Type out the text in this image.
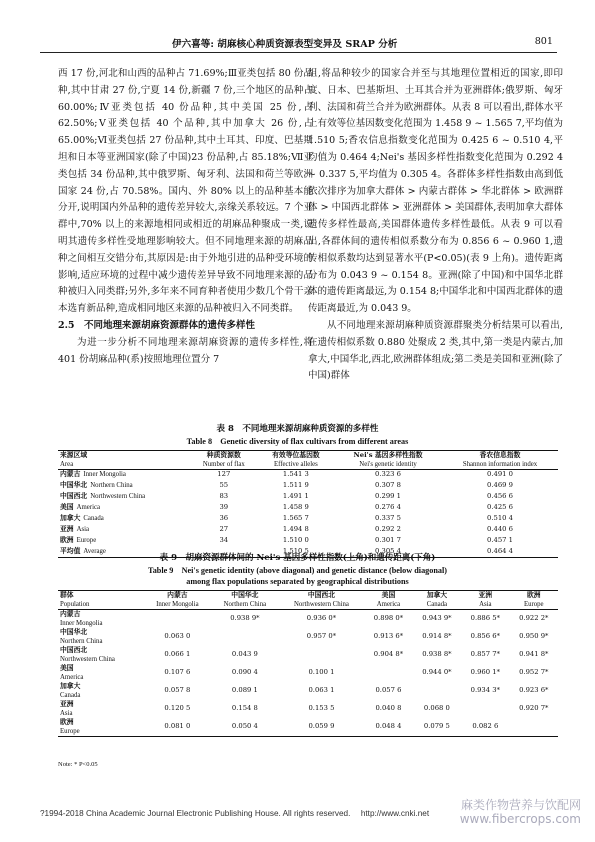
伊六喜等: 胡麻核心种质资源表型变异及 SRAP 分析	801

西 17 份,河北和山西的品种占 71.69%;Ⅲ亚类包括 80 份品种,其中甘肃 27 份,宁夏 14 份,新疆 7 份,三个地区的品种占 60.00%;Ⅳ亚类包括 40 份品种,其中美国 25 份,占 62.50%;Ⅴ亚类包括 40 个品种,其中加拿大 26 份,占 65.00%;Ⅵ亚类包括 27 份品种,其中土耳其、印度、巴基斯坦和日本等亚洲国家(除了中国)23 份品种,占 85.18%;Ⅶ亚类包括 34 份品种,其中俄罗斯、匈牙利、法国和荷兰等欧洲国家 24 份,占 70.58%。国内、外 80% 以上的品种基本能分开,说明国内外品种的遗传差异较大,亲缘关系较远。7 个亚群中,70% 以上的来源地相同或相近的胡麻品种聚成一类,说明其遗传多样性受地理影响较大。但不同地理来源的胡麻品种之间相互交错分布,其原因是:由于外地引进的品种受环境的影响,适应环境的过程中减少遗传差异导致不同地理来源的品种被归入同类群;另外,多年来不同育种者使用少数几个骨干亲本选育新品种,造成相同地区来源的品种被归入不同类群。

2.5　不同地理来源胡麻资源群体的遗传多样性

为进一步分析不同地理来源胡麻资源的遗传多样性,将 401 份胡麻品种(系)按照地理位置分 7

组,将品种较少的国家合并至与其地理位置相近的国家,即印度、日本、巴基斯坦、土耳其合并为亚洲群体;俄罗斯、匈牙利、法国和荷兰合并为欧洲群体。从表 8 可以看出,群体水平上有效等位基因数变化范围为 1.458 9 ~ 1.565 7,平均值为 1.510 5;香农信息指数变化范围为 0.425 6 ~ 0.510 4,平均值为 0.464 4;Nei's 基因多样性指数变化范围为 0.292 4 ~ 0.337 5,平均值为 0.305 4。各群体多样性指数由高到低依次排序为加拿大群体 > 内蒙古群体 > 华北群体 > 欧洲群体 > 中国西北群体 > 亚洲群体 > 美国群体,表明加拿大群体遗传多样性最高,美国群体遗传多样性最低。从表 9 可以看出,各群体间的遗传相似系数分布为 0.856 6 ~ 0.960 1,遗传相似系数均达到显著水平(P<0.05)(表 9 上角)。遗传距离分布为 0.043 9 ~ 0.154 8。亚洲(除了中国)和中国华北群体的遗传距离最远,为 0.154 8;中国华北和中国西北群体的遗传距离最近,为 0.043 9。

从不同地理来源胡麻种质资源群聚类分析结果可以看出,在遗传相似系数 0.880 处聚成 2 类,其中,第一类是内蒙古,加拿大,中国华北,西北,欧洲群体组成;第二类是美国和亚洲(除了中国)群体

表 8　不同地理来源胡麻种质资源的多样性
Table 8　Genetic diversity of flax cultivars from different areas
来源区域
Area	种质资源数
Number of flax	有效等位基因数
Effective alleles	Nei's 基因多样性指数
Nei's genetic identity	香农信息指数
Shannon information index

内蒙古 Inner Mongolia	127	1.541 3	0.323 6	0.491 0
中国华北 Northern China	55	1.511 9	0.307 8	0.469 9
中国西北 Northwestern China	83	1.491 1	0.299 1	0.456 6
美国 America	39	1.458 9	0.276 4	0.425 6
加拿大 Canada	36	1.565 7	0.337 5	0.510 4
亚洲 Asia	27	1.494 8	0.292 2	0.440 6
欧洲 Europe	34	1.510 0	0.301 7	0.457 1
平均值 Average		1.510 5	0.305 4	0.464 4
表 9　胡麻资源群体间的 Nei's 基因多样性指数(上角)和遗传距离(下角)
Table 9　Nei's genetic identity (above diagonal) and genetic distance (below diagonal)
among flax populations separated by geographical distributions
群体
Population	内蒙古
Inner Mongolia	中国华北
Northern China	中国西北
Northwestern China	美国
America	加拿大
Canada	亚洲
Asia	欧洲
Europe

内蒙古
Inner Mongolia		0.938 9*	0.936 0*	0.898 0*	0.943 9*	0.886 5*	0.922 2*
中国华北
Northern China	0.063 0		0.957 0*	0.913 6*	0.914 8*	0.856 6*	0.950 9*
中国西北
Northwestern China	0.066 1	0.043 9		0.904 8*	0.938 8*	0.857 7*	0.941 8*
美国
America	0.107 6	0.090 4	0.100 1		0.944 0*	0.960 1*	0.952 7*
加拿大
Canada	0.057 8	0.089 1	0.063 1	0.057 6		0.934 3*	0.923 6*
亚洲
Asia	0.120 5	0.154 8	0.153 5	0.040 8	0.068 0		0.920 7*
欧洲
Europe	0.081 0	0.050 4	0.059 9	0.048 4	0.079 5	0.082 6	
Note: * P<0.05
麻类作物营养与饮配网
www.fibercrops.com
?1994-2018 China Academic Journal Electronic Publishing House. All rights reserved.　 http://www.cnki.net
